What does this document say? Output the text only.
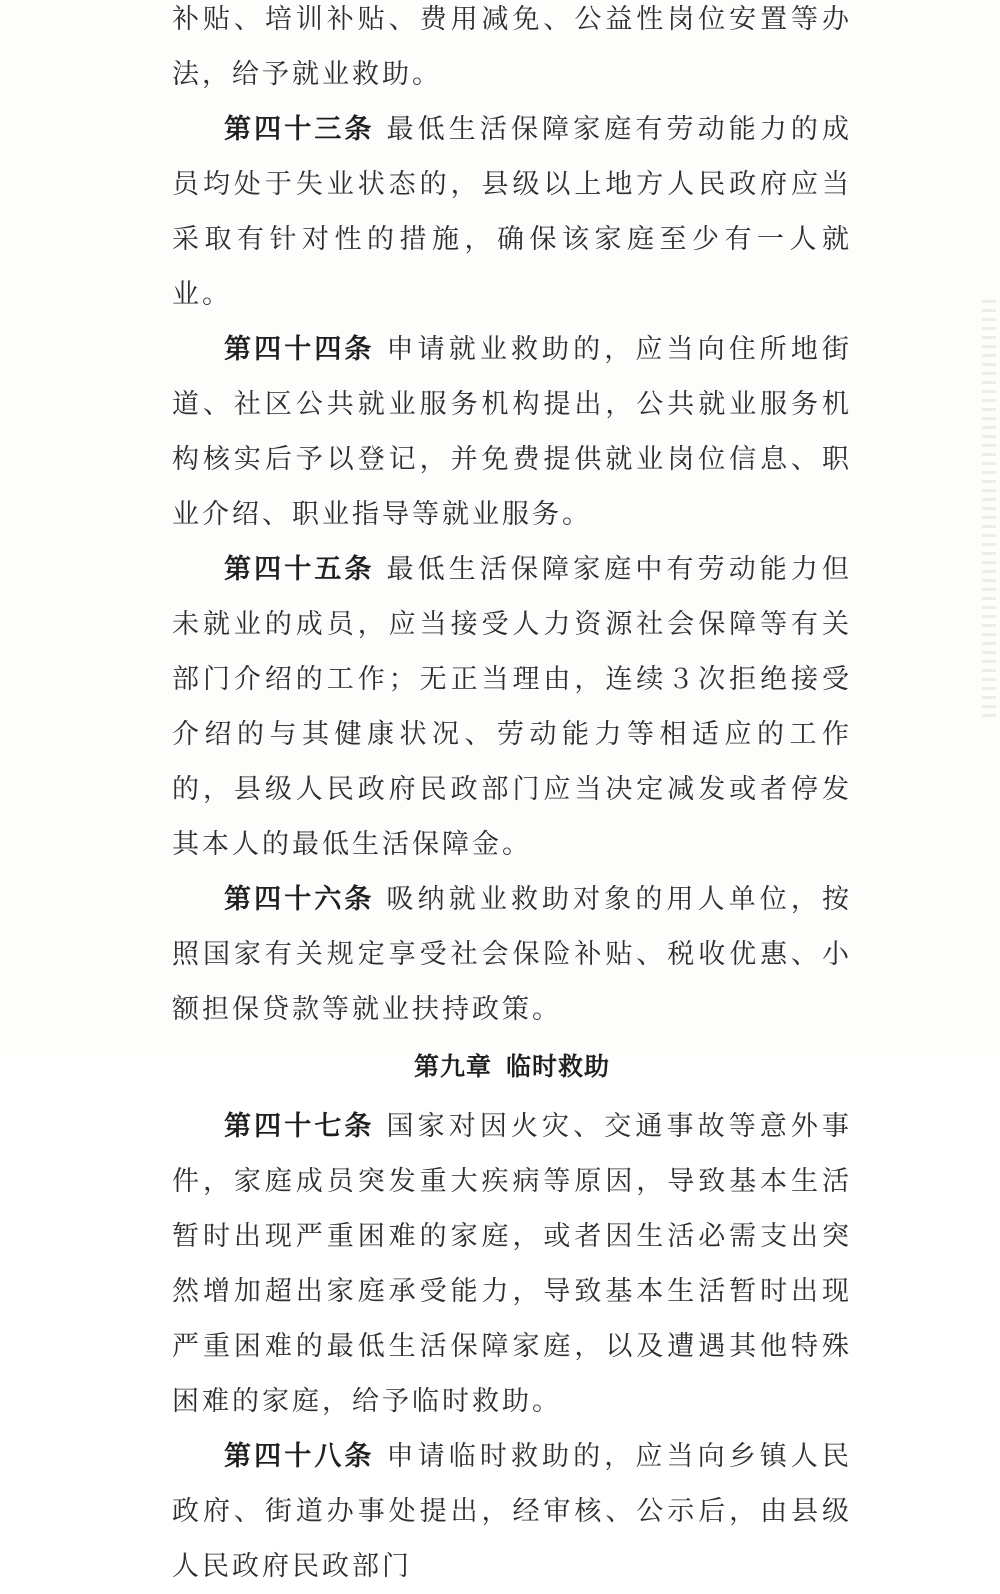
补贴、培训补贴、费用减免、公益性岗位安置等办法，给予就业救助。

第四十三条 最低生活保障家庭有劳动能力的成员均处于失业状态的，县级以上地方人民政府应当采取有针对性的措施，确保该家庭至少有一人就业。

第四十四条 申请就业救助的，应当向住所地街道、社区公共就业服务机构提出，公共就业服务机构核实后予以登记，并免费提供就业岗位信息、职业介绍、职业指导等就业服务。

第四十五条 最低生活保障家庭中有劳动能力但未就业的成员，应当接受人力资源社会保障等有关部门介绍的工作；无正当理由，连续３次拒绝接受介绍的与其健康状况、劳动能力等相适应的工作的，县级人民政府民政部门应当决定减发或者停发其本人的最低生活保障金。

第四十六条 吸纳就业救助对象的用人单位，按照国家有关规定享受社会保险补贴、税收优惠、小额担保贷款等就业扶持政策。

第九章 临时救助

第四十七条 国家对因火灾、交通事故等意外事件，家庭成员突发重大疾病等原因，导致基本生活暂时出现严重困难的家庭，或者因生活必需支出突然增加超出家庭承受能力，导致基本生活暂时出现严重困难的最低生活保障家庭，以及遭遇其他特殊困难的家庭，给予临时救助。

第四十八条 申请临时救助的，应当向乡镇人民政府、街道办事处提出，经审核、公示后，由县级人民政府民政部门
